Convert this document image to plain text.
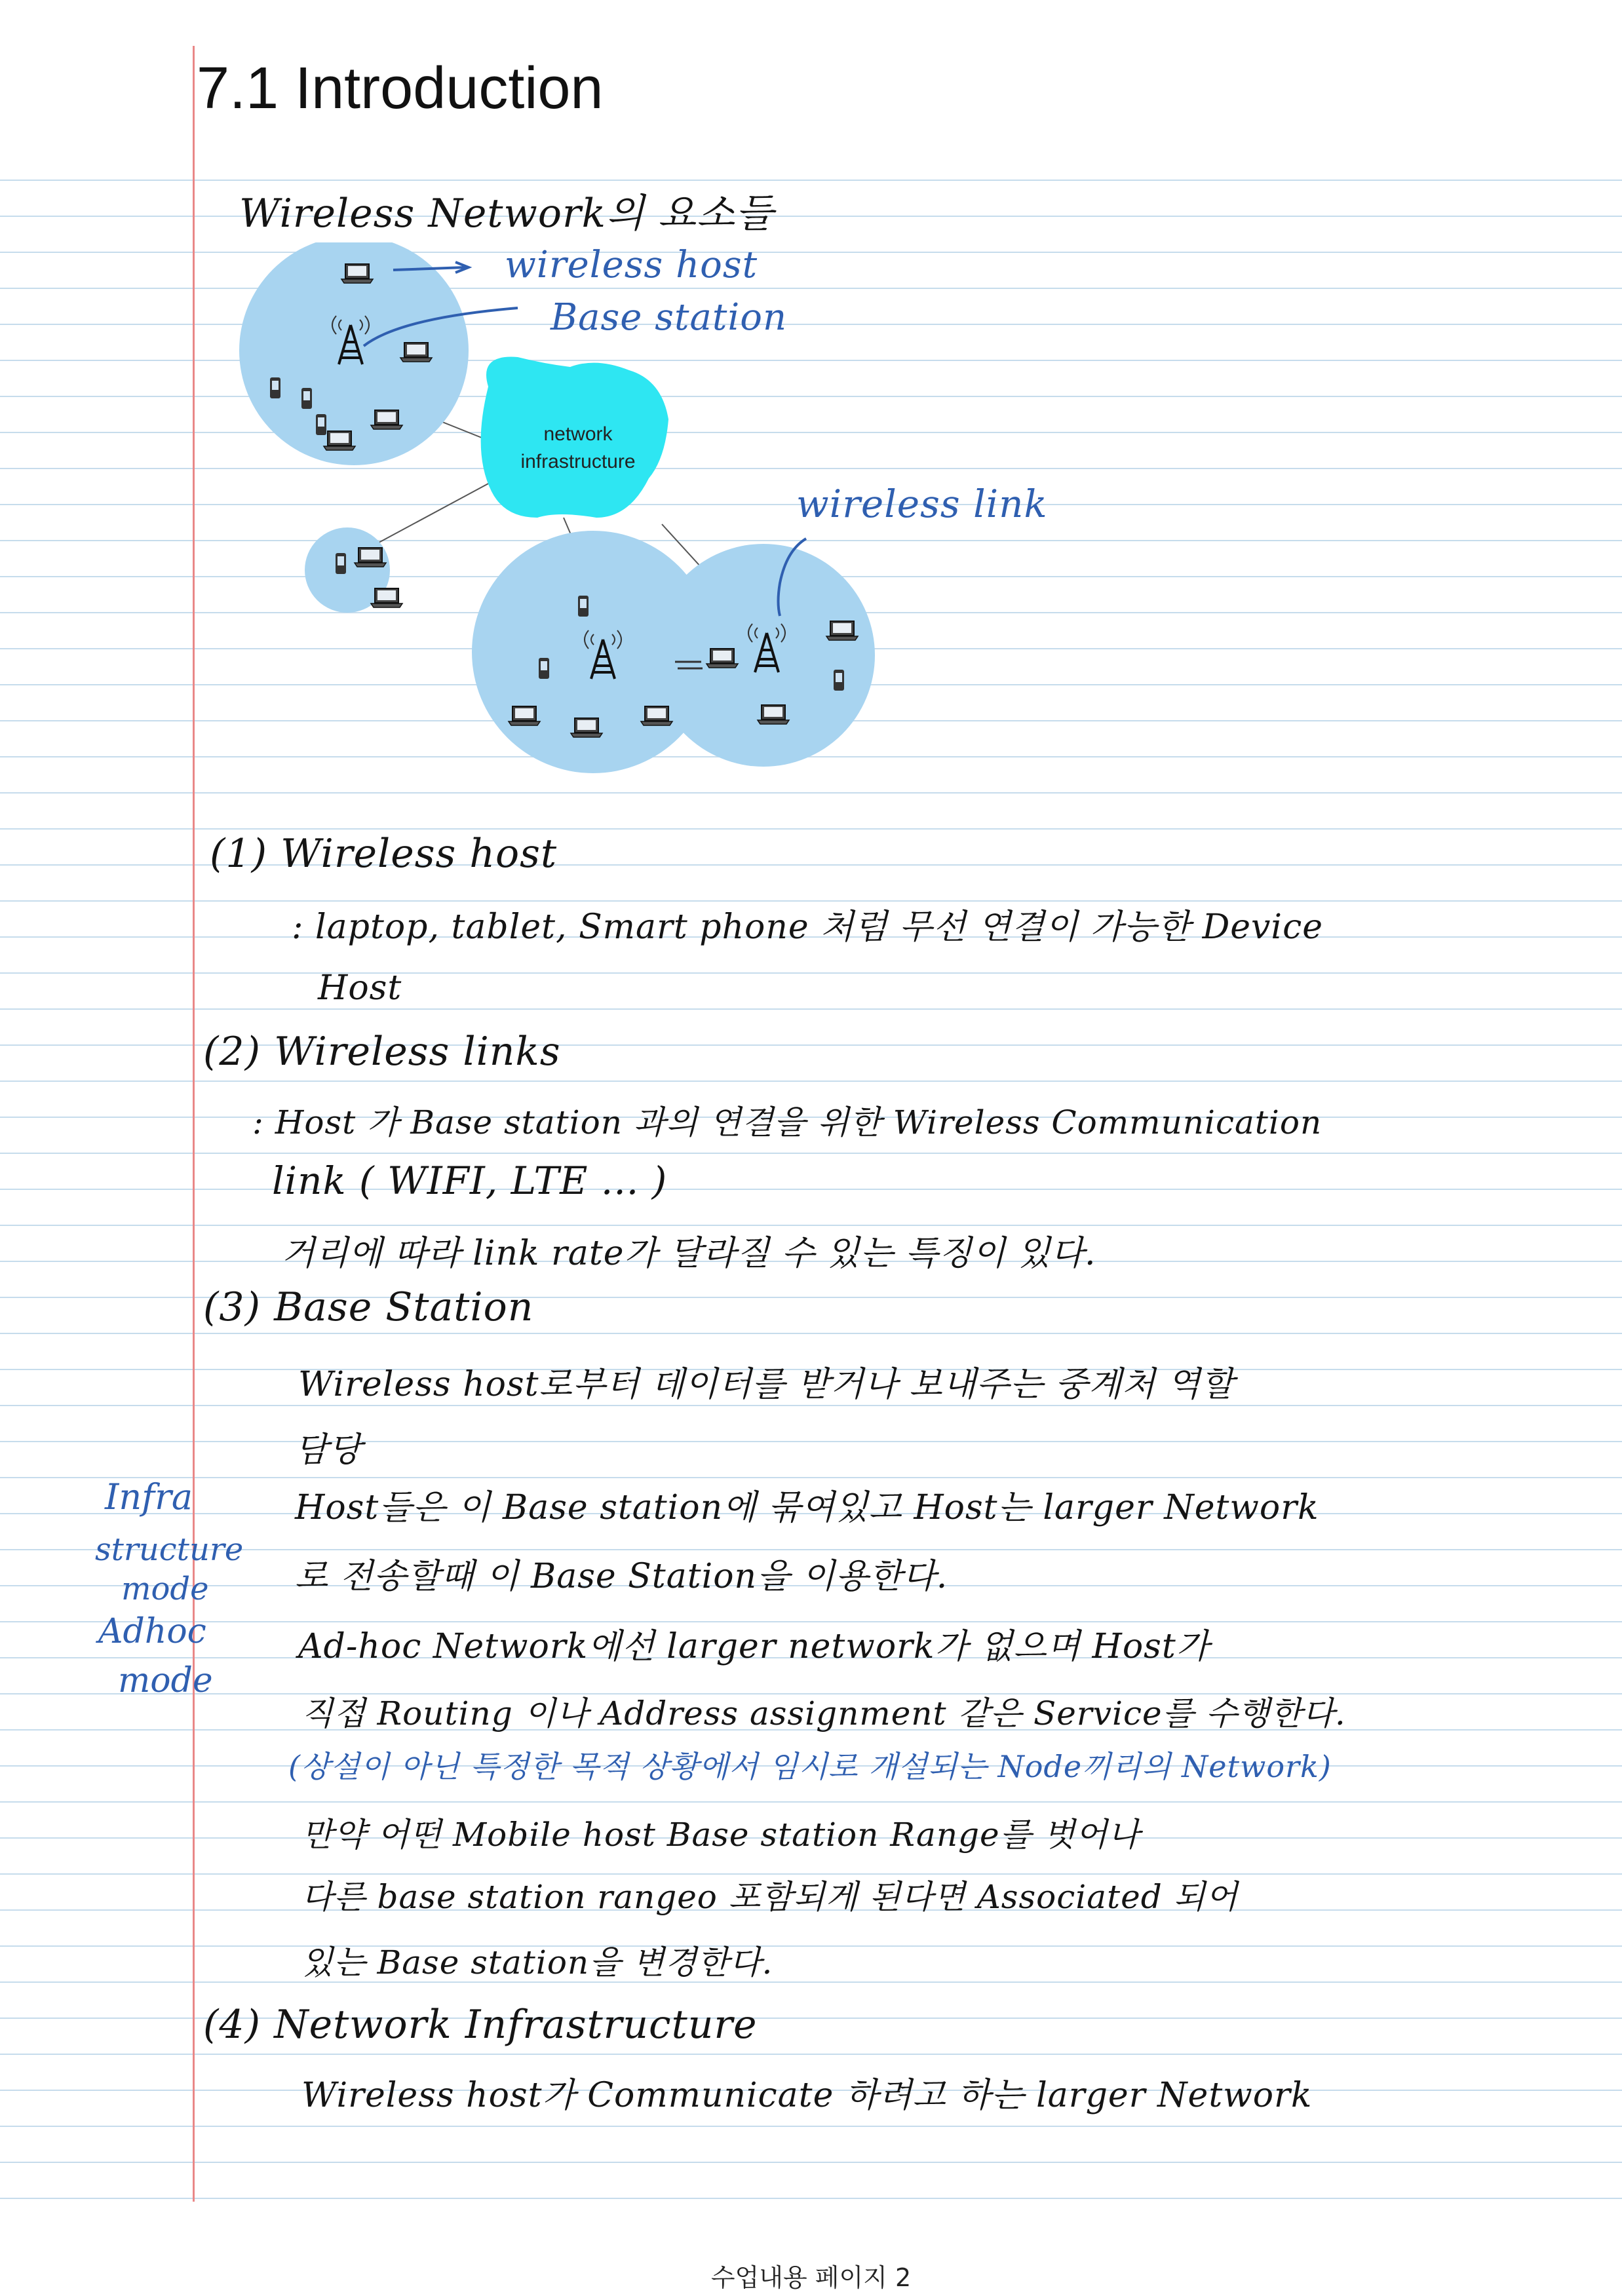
7.1 Introduction
Wireless Network의 요소들
network
infrastructure
wireless host
Base station
wireless link
(1) Wireless host
: laptop, tablet, Smart phone 처럼 무선 연결이 가능한 Device
Host
(2) Wireless links
: Host 가 Base station 과의 연결을 위한 Wireless Communication
link ( WIFI, LTE ... )
거리에 따라 link rate가 달라질 수 있는 특징이 있다.
(3) Base Station
Wireless host로부터 데이터를 받거나 보내주는 중계처 역할
담당
Host들은 이 Base station에 묶여있고 Host는 larger Network
로 전송할때 이 Base Station을 이용한다.
Ad-hoc Network에선 larger network가 없으며 Host가
직접 Routing 이나 Address assignment 같은 Service를 수행한다.
(상설이 아닌 특정한 목적 상황에서 임시로 개설되는 Node끼리의 Network)
만약 어떤 Mobile host Base station Range를 벗어나
다른 base station rangeo 포함되게 된다면 Associated 되어
있는 Base station을 변경한다.
(4) Network Infrastructure
Wireless host가 Communicate 하려고 하는 larger Network
Infra
structure
mode
Adhoc
mode
수업내용 페이지 2
